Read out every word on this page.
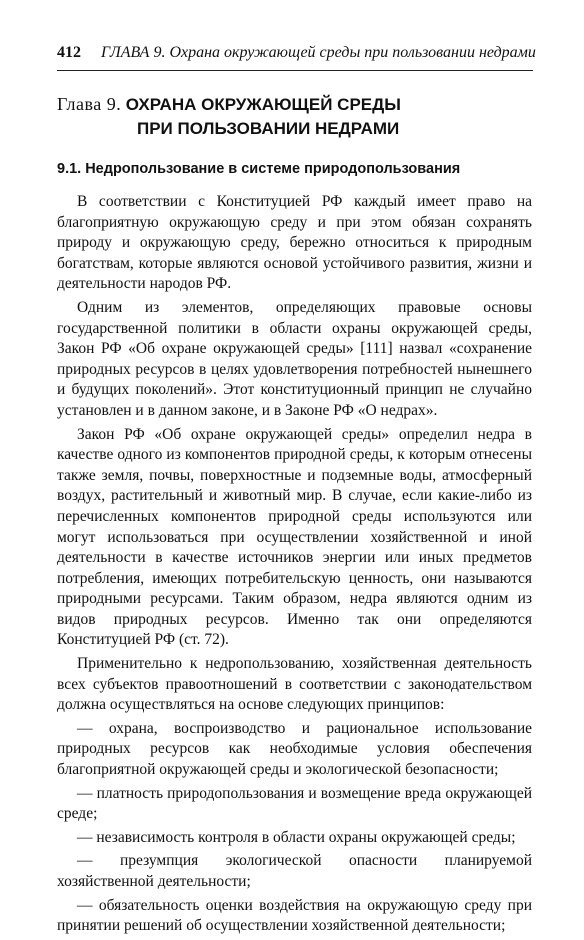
412 ГЛАВА 9. Охрана окружающей среды при пользовании недрами
Глава 9. ОХРАНА ОКРУЖАЮЩЕЙ СРЕДЫ
ПРИ ПОЛЬЗОВАНИИ НЕДРАМИ
9.1. Недропользование в системе природопользования

В соответствии с Конституцией РФ каждый имеет право на благоприятную окружающую среду и при этом обязан сохранять природу и окружающую среду, бережно относиться к природным богатствам, которые являются основой устойчивого развития, жизни и деятельности народов РФ.

Одним из элементов, определяющих правовые основы государственной политики в области охраны окружающей среды, Закон РФ «Об охране окружающей среды» [111] назвал «сохранение природных ресурсов в целях удовлетворения потребностей нынешнего и будущих поколений». Этот конституционный принцип не случайно установлен и в данном законе, и в Законе РФ «О недрах».

Закон РФ «Об охране окружающей среды» определил недра в качестве одного из компонентов природной среды, к которым отнесены также земля, почвы, поверхностные и подземные воды, атмосферный воздух, растительный и животный мир. В случае, если какие-либо из перечисленных компонентов природной среды используются или могут использоваться при осуществлении хозяйственной и иной деятельности в качестве источников энергии или иных предметов потребления, имеющих потребительскую ценность, они называются природными ресурсами. Таким образом, недра являются одним из видов природных ресурсов. Именно так они определяются Конституцией РФ (ст. 72).

Применительно к недропользованию, хозяйственная деятельность всех субъектов правоотношений в соответствии с законодательством должна осуществляться на основе следующих принципов:

— охрана, воспроизводство и рациональное использование природных ресурсов как необходимые условия обеспечения благоприятной окружающей среды и экологической безопасности;

— платность природопользования и возмещение вреда окружающей среде;

— независимость контроля в области охраны окружающей среды;

— презумпция экологической опасности планируемой хозяйственной деятельности;

— обязательность оценки воздействия на окружающую среду при принятии решений об осуществлении хозяйственной деятельности;
